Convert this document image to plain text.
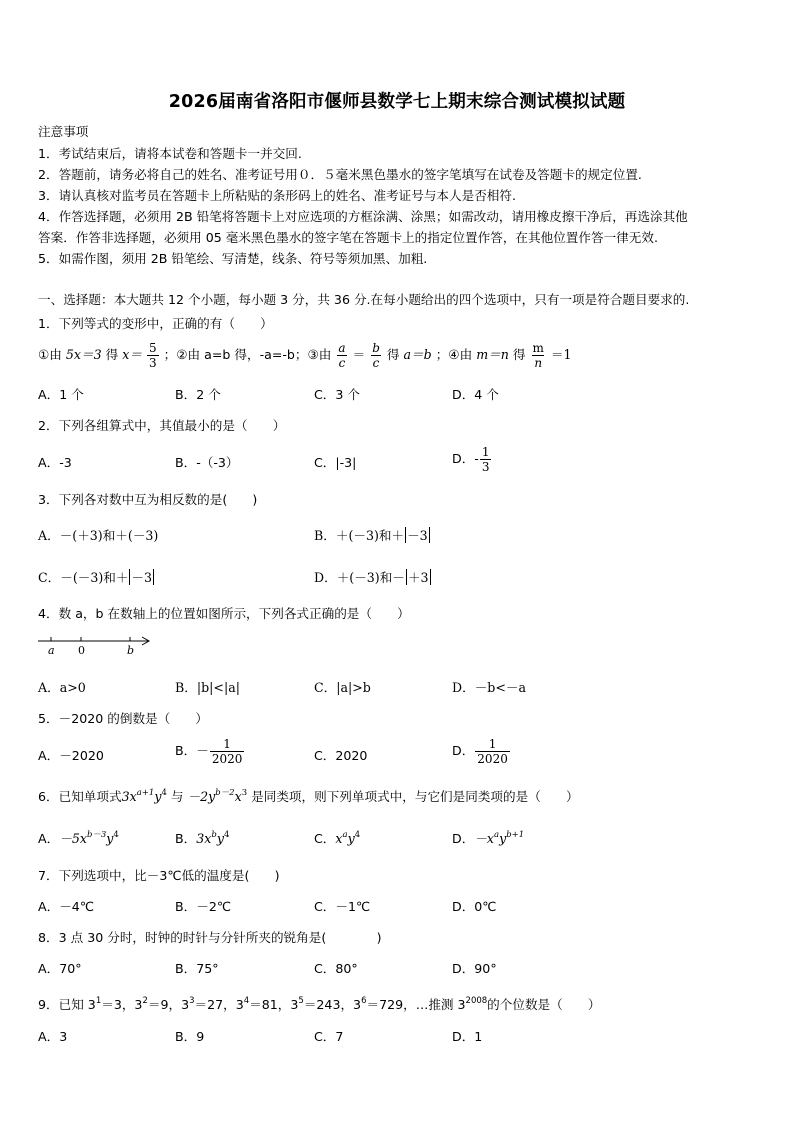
2026届南省洛阳市偃师县数学七上期末综合测试模拟试题
注意事项
1．考试结束后，请将本试卷和答题卡一并交回.
2．答题前，请务必将自己的姓名、准考证号用０．５毫米黑色墨水的签字笔填写在试卷及答题卡的规定位置.
3．请认真核对监考员在答题卡上所粘贴的条形码上的姓名、准考证号与本人是否相符.
4．作答选择题，必须用 2B 铅笔将答题卡上对应选项的方框涂满、涂黑；如需改动，请用橡皮擦干净后，再选涂其他
答案．作答非选择题，必须用 05 毫米黑色墨水的签字笔在答题卡上的指定位置作答，在其他位置作答一律无效.
5．如需作图，须用 2B 铅笔绘、写清楚，线条、符号等须加黑、加粗.
一、选择题：本大题共 12 个小题，每小题 3 分，共 36 分.在每小题给出的四个选项中，只有一项是符合题目要求的.
1．下列等式的变形中，正确的有（　　）
①由 5x＝3 得 $x= \frac{5}{3}$ ；②由 a=b 得，-a=-b；③由 $\frac{a}{c} = \frac{b}{c}$ 得 a＝b ；④由 m＝n 得 $\frac{m}{n} =1$
A．1 个	B．2 个	C．3 个	D．4 个
2．下列各组算式中，其值最小的是（　　）
A．-3	B．-（-3）	C．|-3|	D．- $\frac{1}{3}$
3．下列各对数中互为相反数的是(　　)
A．－(＋3)和＋(－3)	B．＋(－3)和＋ －3
C．－(－3)和＋ －3	D．＋(－3)和－ ＋3
4．数 a，b 在数轴上的位置如图所示，下列各式正确的是（　　）
a 0	b
A．a>0	B．|b|<|a|	C．|a|>b	D．－b<－a
5．－2020 的倒数是（　　）
A．－2020	B．－ $\frac{1}{2020}$	C．2020	D． $\frac{1}{2020}$
6．已知单项式$3x^{a+1}y^4$ 与 $-2y^{b-2}x^3$ 是同类项，则下列单项式中，与它们是同类项的是（　　）
A．$-5x^{b-3}y^4$	B．$3x^by^4$	C．$x^ay^4$	D．$-x^ay^{b+1}$
7．下列选项中，比－3℃低的温度是(　　)
A．－4℃	B．－2℃	C．－1℃	D．0℃
8．3 点 30 分时，时钟的时针与分针所夹的锐角是(　　　　)
A．70°	B．75°	C．80°	D．90°
9．已知 $3^1=3$，$3^2=9$，$3^3=27$，$3^4=81$，$3^5=243$，$3^6=729$，…推测 $3^{2008}$的个位数是（　　）
A．3	B．9	C．7	D．1
